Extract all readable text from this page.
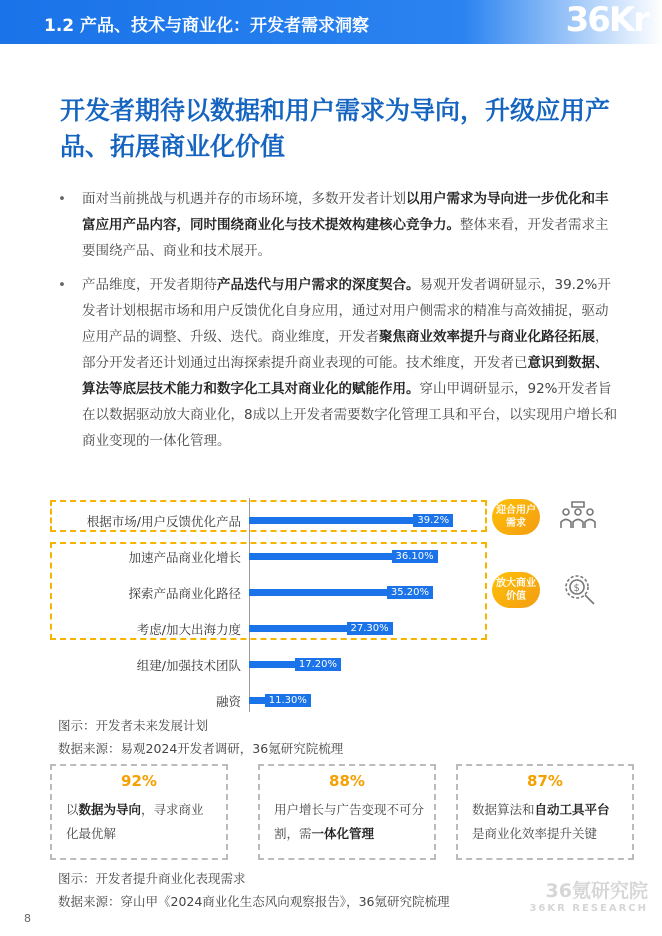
1.2 产品、技术与商业化：开发者需求洞察	36Kr
开发者期待以数据和用户需求为导向，升级应用产品、拓展商业化价值
• 面对当前挑战与机遇并存的市场环境，多数开发者计划以用户需求为导向进一步优化和丰富应用产品内容，同时围绕商业化与技术提效构建核心竞争力。整体来看，开发者需求主要围绕产品、商业和技术展开。
• 产品维度，开发者期待产品迭代与用户需求的深度契合。易观开发者调研显示，39.2%开发者计划根据市场和用户反馈优化自身应用，通过对用户侧需求的精准与高效捕捉，驱动应用产品的调整、升级、迭代。商业维度，开发者聚焦商业效率提升与商业化路径拓展，部分开发者还计划通过出海探索提升商业表现的可能。技术维度，开发者已意识到数据、算法等底层技术能力和数字化工具对商业化的赋能作用。穿山甲调研显示，92%开发者旨在以数据驱动放大商业化，8成以上开发者需要数字化管理工具和平台，以实现用户增长和商业变现的一体化管理。
根据市场/用户反馈优化产品	39.2%
加速产品商业化增长	36.10%
探索产品商业化路径	35.20%
考虑/加大出海力度	27.30%
组建/加强技术团队	17.20%
融资	11.30%
迎合用户需求
放大商业价值
$
图示：开发者未来发展计划
数据来源：易观2024开发者调研，36氪研究院梳理
92%
以数据为导向，寻求商业化最优解
88%
用户增长与广告变现不可分割，需一体化管理
87%
数据算法和自动工具平台是商业化效率提升关键
图示：开发者提升商业化表现需求
数据来源：穿山甲《2024商业化生态风向观察报告》，36氪研究院梳理
8
36氪研究院
36KR RESEARCH
